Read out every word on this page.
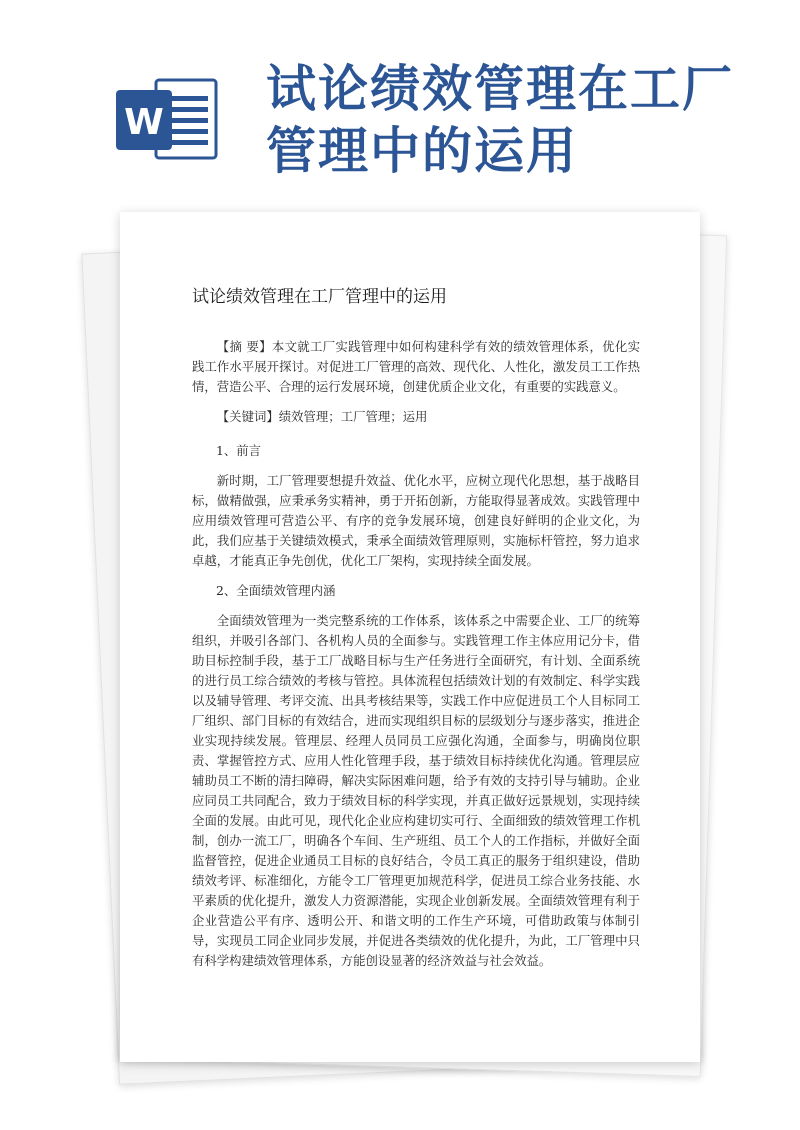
W
试论绩效管理在工厂管理中的运用
试论绩效管理在工厂管理中的运用

【摘 要】本文就工厂实践管理中如何构建科学有效的绩效管理体系，优化实践工作水平展开探讨。对促进工厂管理的高效、现代化、人性化，激发员工工作热情，营造公平、合理的运行发展环境，创建优质企业文化，有重要的实践意义。

【关键词】绩效管理；工厂管理；运用

1、前言

新时期，工厂管理要想提升效益、优化水平，应树立现代化思想，基于战略目标，做精做强，应秉承务实精神，勇于开拓创新，方能取得显著成效。实践管理中应用绩效管理可营造公平、有序的竞争发展环境，创建良好鲜明的企业文化，为此，我们应基于关键绩效模式，秉承全面绩效管理原则，实施标杆管控，努力追求卓越，才能真正争先创优，优化工厂架构，实现持续全面发展。

2、全面绩效管理内涵

全面绩效管理为一类完整系统的工作体系，该体系之中需要企业、工厂的统筹组织，并吸引各部门、各机构人员的全面参与。实践管理工作主体应用记分卡，借助目标控制手段，基于工厂战略目标与生产任务进行全面研究，有计划、全面系统的进行员工综合绩效的考核与管控。具体流程包括绩效计划的有效制定、科学实践以及辅导管理、考评交流、出具考核结果等，实践工作中应促进员工个人目标同工厂组织、部门目标的有效结合，进而实现组织目标的层级划分与逐步落实，推进企业实现持续发展。管理层、经理人员同员工应强化沟通，全面参与，明确岗位职责、掌握管控方式、应用人性化管理手段，基于绩效目标持续优化沟通。管理层应辅助员工不断的清扫障碍，解决实际困难问题，给予有效的支持引导与辅助。企业应同员工共同配合，致力于绩效目标的科学实现，并真正做好远景规划，实现持续全面的发展。由此可见，现代化企业应构建切实可行、全面细致的绩效管理工作机制，创办一流工厂，明确各个车间、生产班组、员工个人的工作指标，并做好全面监督管控，促进企业通员工目标的良好结合，令员工真正的服务于组织建设，借助绩效考评、标准细化，方能令工厂管理更加规范科学，促进员工综合业务技能、水平素质的优化提升，激发人力资源潜能，实现企业创新发展。全面绩效管理有利于企业营造公平有序、透明公开、和谐文明的工作生产环境，可借助政策与体制引导，实现员工同企业同步发展，并促进各类绩效的优化提升，为此，工厂管理中只有科学构建绩效管理体系，方能创设显著的经济效益与社会效益。
